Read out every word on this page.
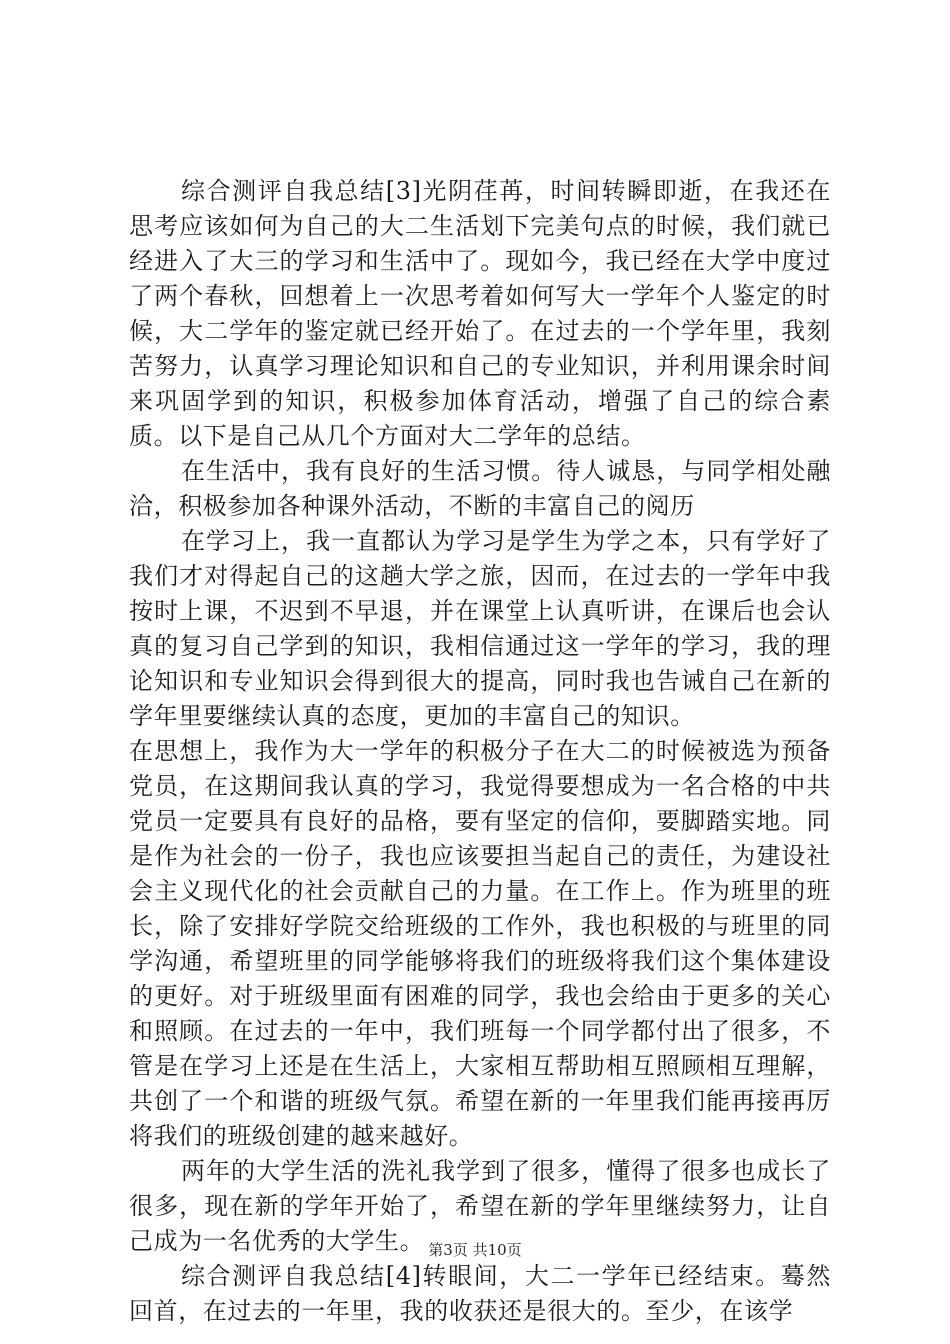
综合测评自我总结[3]光阴荏苒，时间转瞬即逝，在我还在思考应该如何为自己的大二生活划下完美句点的时候，我们就已经进入了大三的学习和生活中了。现如今，我已经在大学中度过了两个春秋，回想着上一次思考着如何写大一学年个人鉴定的时候，大二学年的鉴定就已经开始了。在过去的一个学年里，我刻苦努力，认真学习理论知识和自己的专业知识，并利用课余时间来巩固学到的知识，积极参加体育活动，增强了自己的综合素质。以下是自己从几个方面对大二学年的总结。

在生活中，我有良好的生活习惯。待人诚恳，与同学相处融洽，积极参加各种课外活动，不断的丰富自己的阅历

在学习上，我一直都认为学习是学生为学之本，只有学好了我们才对得起自己的这趟大学之旅，因而，在过去的一学年中我按时上课，不迟到不早退，并在课堂上认真听讲，在课后也会认真的复习自己学到的知识，我相信通过这一学年的学习，我的理论知识和专业知识会得到很大的提高，同时我也告诫自己在新的学年里要继续认真的态度，更加的丰富自己的知识。

在思想上，我作为大一学年的积极分子在大二的时候被选为预备党员，在这期间我认真的学习，我觉得要想成为一名合格的中共党员一定要具有良好的品格，要有坚定的信仰，要脚踏实地。同是作为社会的一份子，我也应该要担当起自己的责任，为建设社会主义现代化的社会贡献自己的力量。在工作上。作为班里的班长，除了安排好学院交给班级的工作外，我也积极的与班里的同学沟通，希望班里的同学能够将我们的班级将我们这个集体建设的更好。对于班级里面有困难的同学，我也会给由于更多的关心和照顾。在过去的一年中，我们班每一个同学都付出了很多，不管是在学习上还是在生活上，大家相互帮助相互照顾相互理解，共创了一个和谐的班级气氛。希望在新的一年里我们能再接再厉将我们的班级创建的越来越好。

两年的大学生活的洗礼我学到了很多，懂得了很多也成长了很多，现在新的学年开始了，希望在新的学年里继续努力，让自己成为一名优秀的大学生。

综合测评自我总结[4]转眼间，大二一学年已经结束。蓦然回首，在过去的一年里，我的收获还是很大的。至少，在该学

第3页 共10页
